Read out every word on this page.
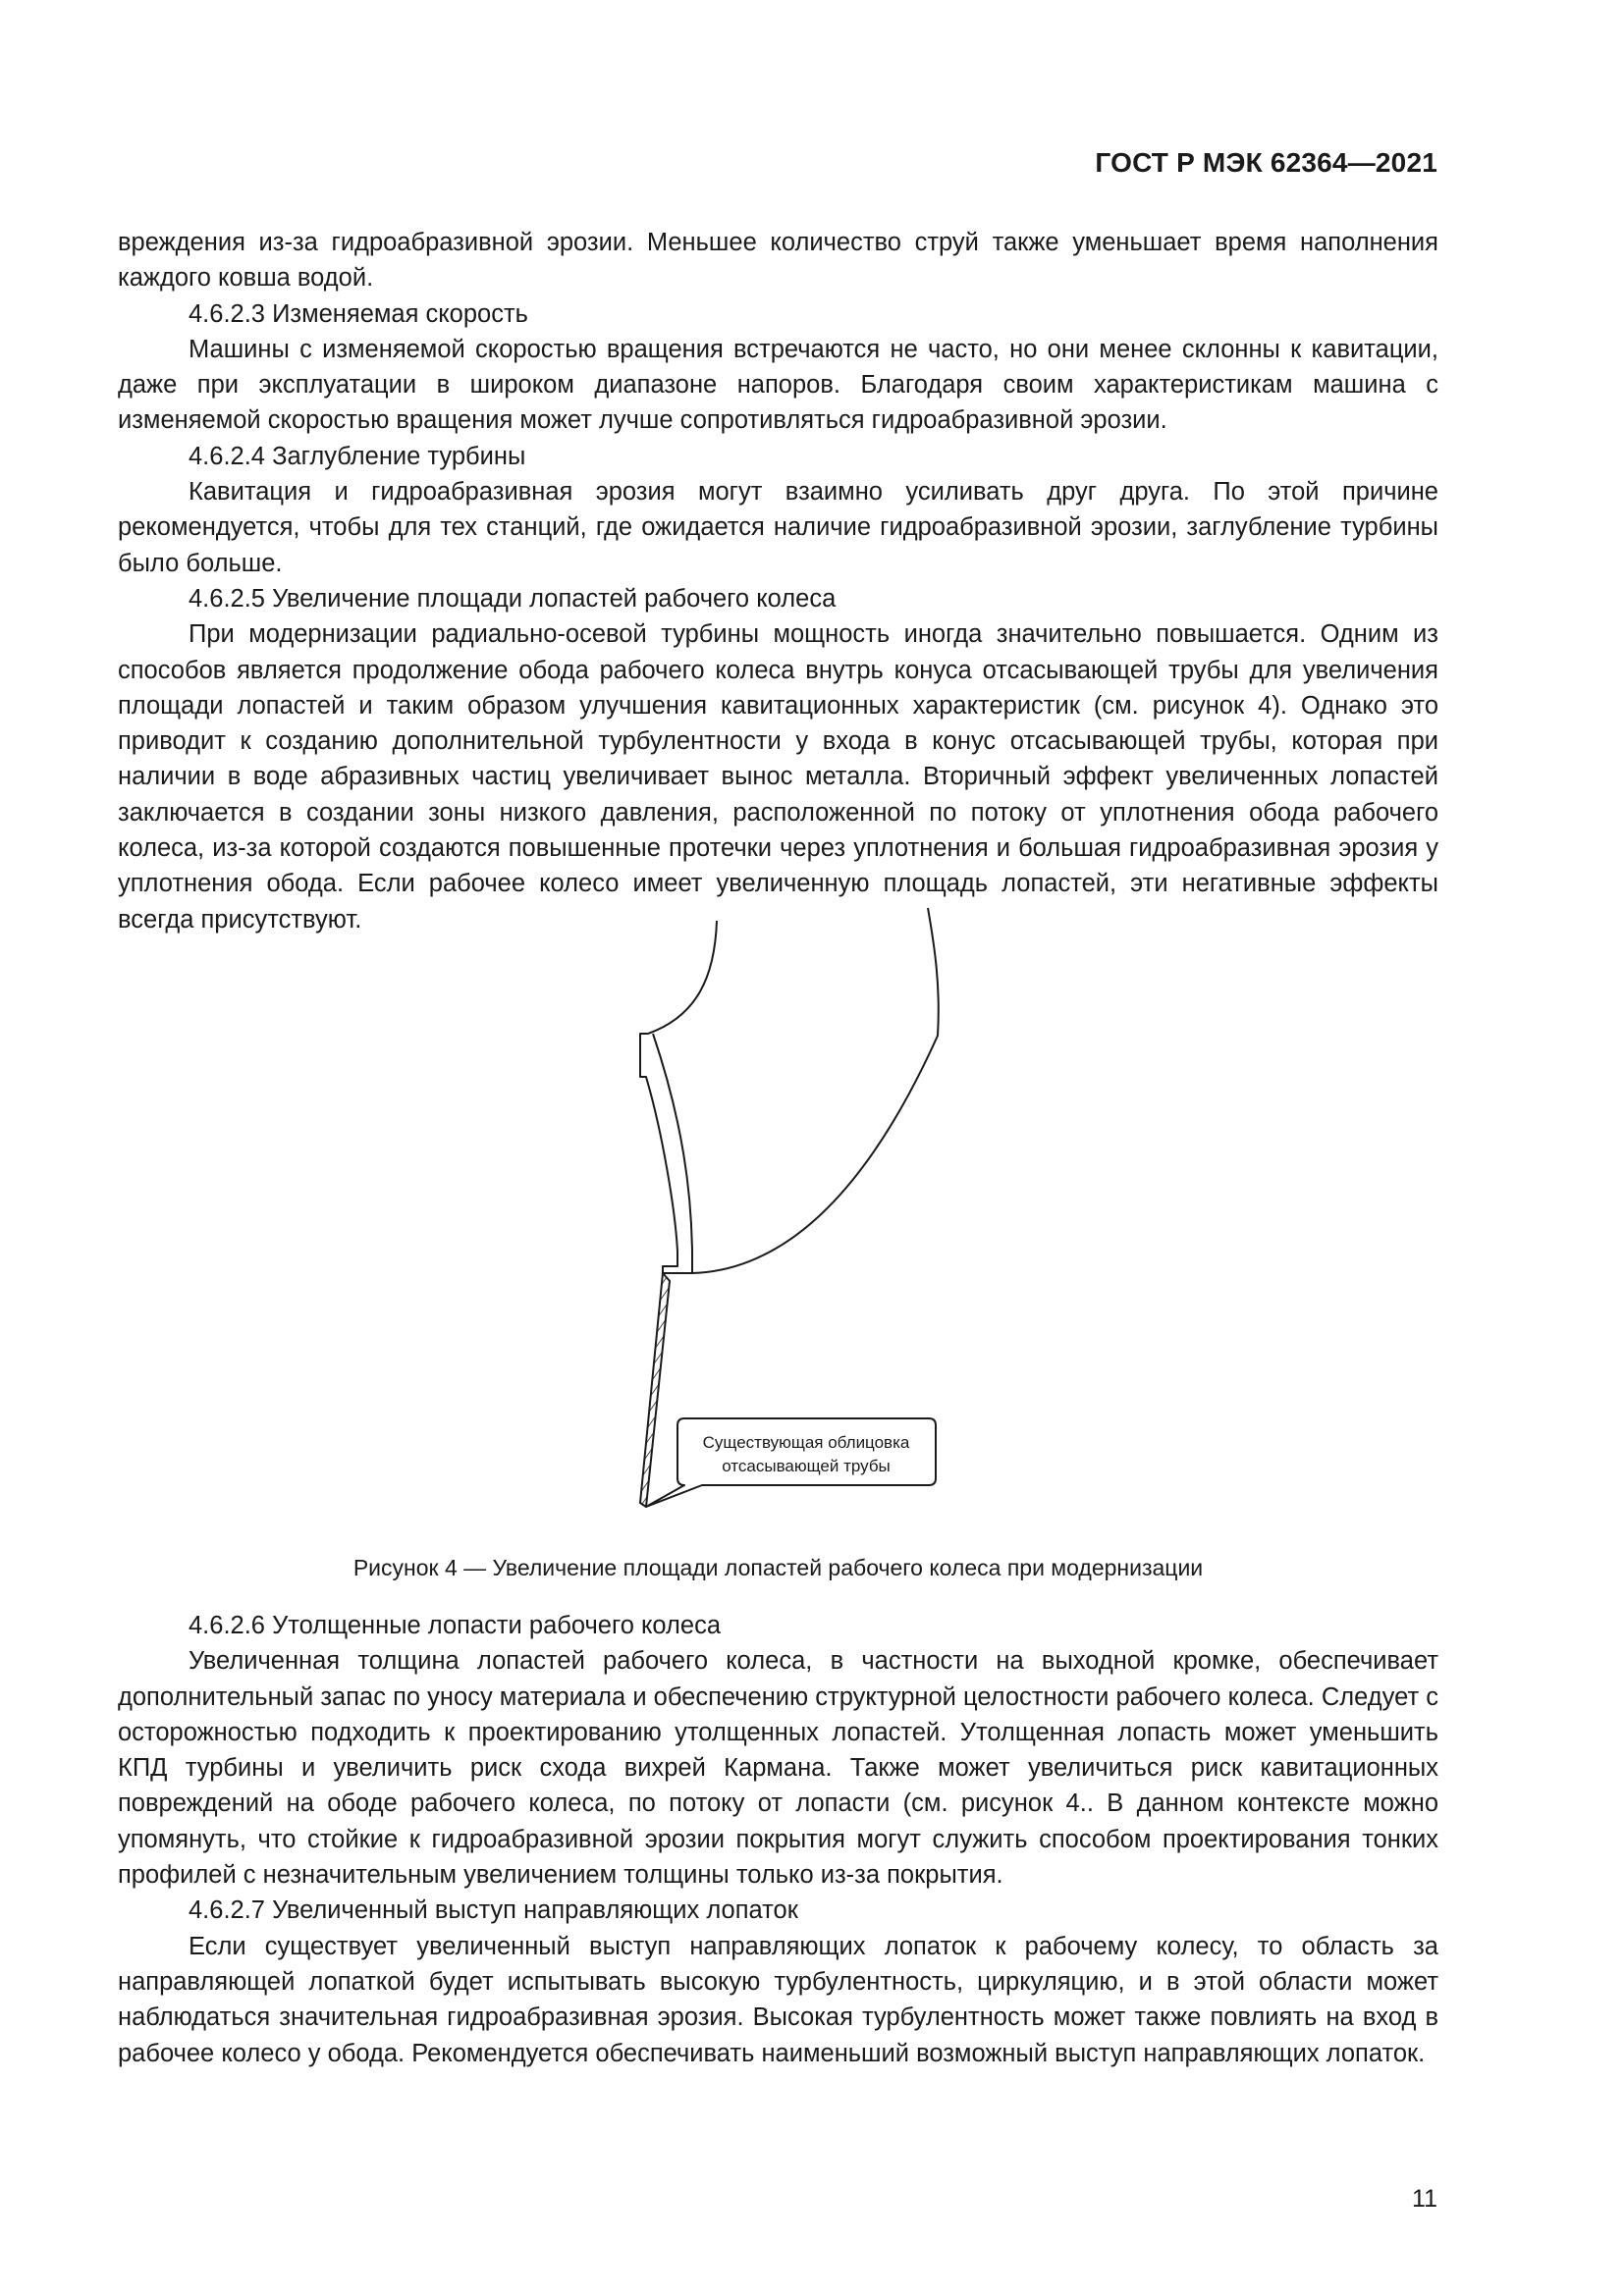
ГОСТ Р МЭК 62364—2021

вреждения из-за гидроабразивной эрозии. Меньшее количество струй также уменьшает время наполнения каждого ковша водой.

4.6.2.3 Изменяемая скорость

Машины с изменяемой скоростью вращения встречаются не часто, но они менее склонны к кавитации, даже при эксплуатации в широком диапазоне напоров. Благодаря своим характеристикам машина с изменяемой скоростью вращения может лучше сопротивляться гидроабразивной эрозии.

4.6.2.4 Заглубление турбины

Кавитация и гидроабразивная эрозия могут взаимно усиливать друг друга. По этой причине рекомендуется, чтобы для тех станций, где ожидается наличие гидроабразивной эрозии, заглубление турбины было больше.

4.6.2.5 Увеличение площади лопастей рабочего колеса

При модернизации радиально-осевой турбины мощность иногда значительно повышается. Одним из способов является продолжение обода рабочего колеса внутрь конуса отсасывающей трубы для увеличения площади лопастей и таким образом улучшения кавитационных характеристик (см. рисунок 4). Однако это приводит к созданию дополнительной турбулентности у входа в конус отсасывающей трубы, которая при наличии в воде абразивных частиц увеличивает вынос металла. Вторичный эффект увеличенных лопастей заключается в создании зоны низкого давления, расположенной по потоку от уплотнения обода рабочего колеса, из-за которой создаются повышенные протечки через уплотнения и большая гидроабразивная эрозия у уплотнения обода. Если рабочее колесо имеет увеличенную площадь лопастей, эти негативные эффекты всегда присутствуют.

Существующая облицовка
отсасывающей трубы
Рисунок 4 — Увеличение площади лопастей рабочего колеса при модернизации

4.6.2.6 Утолщенные лопасти рабочего колеса

Увеличенная толщина лопастей рабочего колеса, в частности на выходной кромке, обеспечивает дополнительный запас по уносу материала и обеспечению структурной целостности рабочего колеса. Следует с осторожностью подходить к проектированию утолщенных лопастей. Утолщенная лопасть может уменьшить КПД турбины и увеличить риск схода вихрей Кармана. Также может увеличиться риск кавитационных повреждений на ободе рабочего колеса, по потоку от лопасти (см. рисунок 4.. В данном контексте можно упомянуть, что стойкие к гидроабразивной эрозии покрытия могут служить способом проектирования тонких профилей с незначительным увеличением толщины только из-за покрытия.

4.6.2.7 Увеличенный выступ направляющих лопаток

Если существует увеличенный выступ направляющих лопаток к рабочему колесу, то область за направляющей лопаткой будет испытывать высокую турбулентность, циркуляцию, и в этой области может наблюдаться значительная гидроабразивная эрозия. Высокая турбулентность может также повлиять на вход в рабочее колесо у обода. Рекомендуется обеспечивать наименьший возможный выступ направляющих лопаток.

11
